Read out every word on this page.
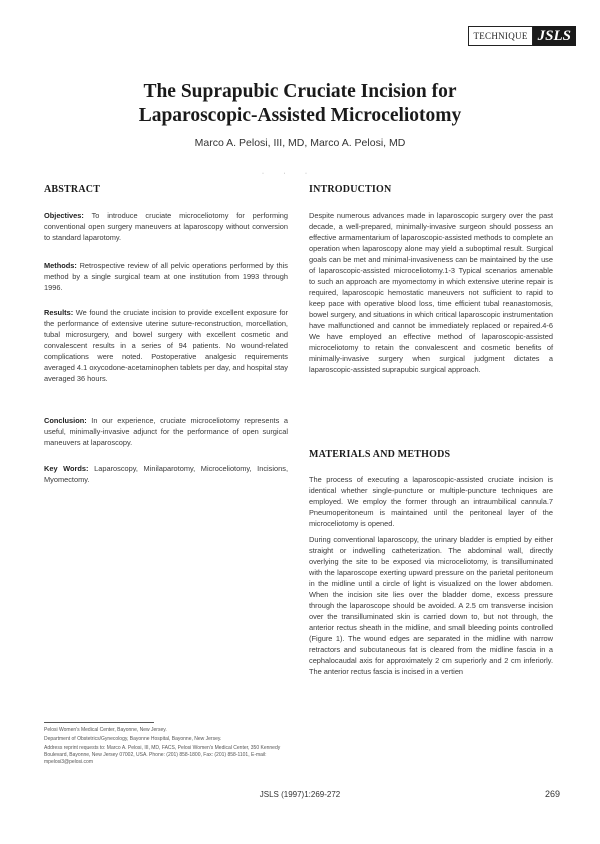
TECHNIQUE JSLS
The Suprapubic Cruciate Incision for
Laparoscopic-Assisted Microceliotomy
Marco A. Pelosi, III, MD, Marco A. Pelosi, MD
· · ·
ABSTRACT
Objectives: To introduce cruciate microceliotomy for performing conventional open surgery maneuvers at laparoscopy without conversion to standard laparotomy.
Methods: Retrospective review of all pelvic operations performed by this method by a single surgical team at one institution from 1993 through 1996.
Results: We found the cruciate incision to provide excellent exposure for the performance of extensive uterine suture-reconstruction, morcellation, tubal microsurgery, and bowel surgery with excellent cosmetic and convalescent results in a series of 94 patients. No wound-related complications were noted. Postoperative analgesic requirements averaged 4.1 oxycodone-acetaminophen tablets per day, and hospital stay averaged 36 hours.
Conclusion: In our experience, cruciate microceliotomy represents a useful, minimally-invasive adjunct for the performance of open surgical maneuvers at laparoscopy.
Key Words: Laparoscopy, Minilaparotomy, Microceliotomy, Incisions, Myomectomy.

Pelosi Women's Medical Center, Bayonne, New Jersey.

Department of Obstetrics/Gynecology, Bayonne Hospital, Bayonne, New Jersey.

Address reprint requests to: Marco A. Pelosi, III, MD, FACS, Pelosi Women's Medical Center, 350 Kennedy Boulevard, Bayonne, New Jersey 07002, USA. Phone: (201) 858-1800, Fax: (201) 858-1101, E-mail: mpelosi3@pelosi.com

INTRODUCTION
Despite numerous advances made in laparoscopic surgery over the past decade, a well-prepared, minimally-invasive surgeon should possess an effective armamentarium of laparoscopic-assisted methods to complete an operation when laparoscopy alone may yield a suboptimal result. Surgical goals can be met and minimal-invasiveness can be maintained by the use of laparoscopic-assisted microceliotomy.1-3 Typical scenarios amenable to such an approach are myomectomy in which extensive uterine repair is required, laparoscopic hemostatic maneuvers not sufficient to rapid to keep pace with operative blood loss, time efficient tubal reanastomosis, bowel surgery, and situations in which critical laparoscopic instrumentation have malfunctioned and cannot be immediately replaced or repaired.4-6 We have employed an effective method of laparoscopic-assisted microceliotomy to retain the convalescent and cosmetic benefits of minimally-invasive surgery when surgical judgment dictates a laparoscopic-assisted suprapubic surgical approach.
MATERIALS AND METHODS
The process of executing a laparoscopic-assisted cruciate incision is identical whether single-puncture or multiple-puncture techniques are employed. We employ the former through an intraumbilical cannula.7 Pneumoperitoneum is maintained until the peritoneal layer of the microceliotomy is opened.
During conventional laparoscopy, the urinary bladder is emptied by either straight or indwelling catheterization. The abdominal wall, directly overlying the site to be exposed via microceliotomy, is transilluminated with the laparoscope exerting upward pressure on the parietal peritoneum in the midline until a circle of light is visualized on the lower abdomen. When the incision site lies over the bladder dome, excess pressure through the laparoscope should be avoided. A 2.5 cm transverse incision over the transilluminated skin is carried down to, but not through, the anterior rectus sheath in the midline, and small bleeding points controlled (Figure 1). The wound edges are separated in the midline with narrow retractors and subcutaneous fat is cleared from the midline fascia in a cephalocaudal axis for approximately 2 cm superiorly and 2 cm inferiorly. The anterior rectus fascia is incised in a vertien
JSLS (1997)1:269-272	269
